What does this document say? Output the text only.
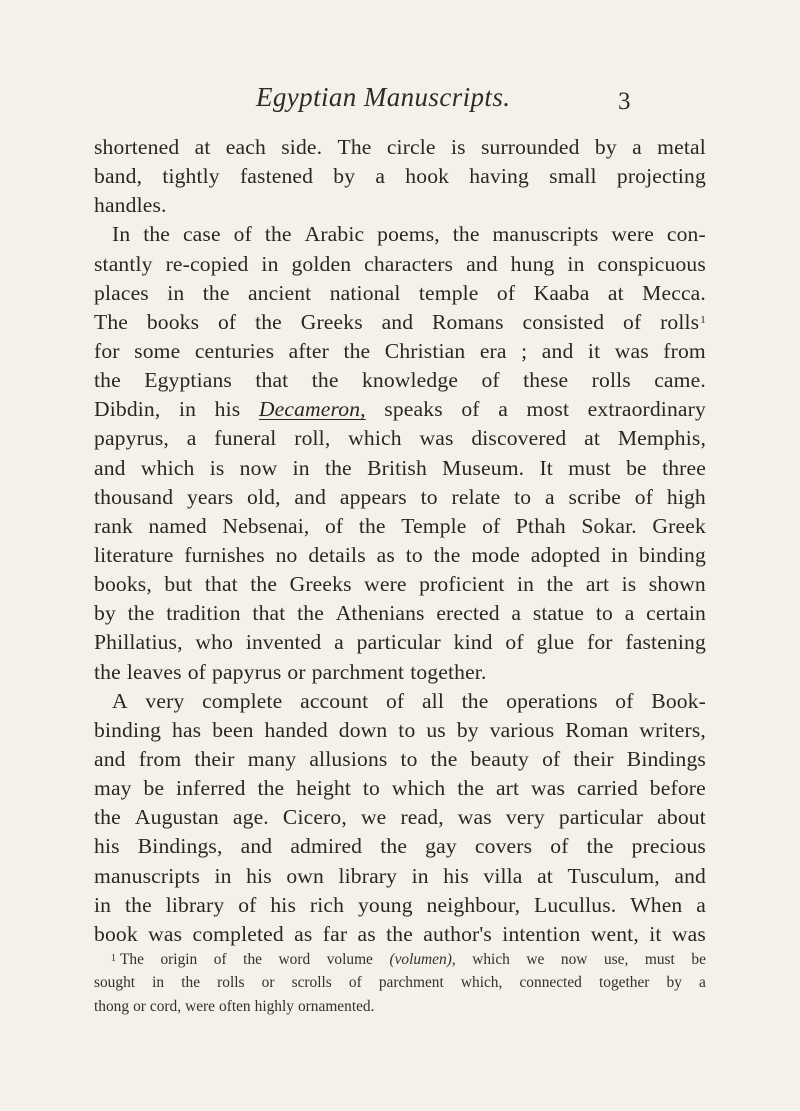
Egyptian Manuscripts.	3
shortened at each side. The circle is surrounded by a metal
band, tightly fastened by a hook having small projecting
handles.
In the case of the Arabic poems, the manuscripts were con-
stantly re-copied in golden characters and hung in conspicuous
places in the ancient national temple of Kaaba at Mecca.
The books of the Greeks and Romans consisted of rolls$^1$
for some centuries after the Christian era ; and it was from
the Egyptians that the knowledge of these rolls came.
Dibdin, in his Decameron, speaks of a most extraordinary
papyrus, a funeral roll, which was discovered at Memphis,
and which is now in the British Museum. It must be three
thousand years old, and appears to relate to a scribe of high
rank named Nebsenai, of the Temple of Pthah Sokar. Greek
literature furnishes no details as to the mode adopted in binding
books, but that the Greeks were proficient in the art is shown
by the tradition that the Athenians erected a statue to a certain
Phillatius, who invented a particular kind of glue for fastening
the leaves of papyrus or parchment together.
A very complete account of all the operations of Book-
binding has been handed down to us by various Roman writers,
and from their many allusions to the beauty of their Bindings
may be inferred the height to which the art was carried before
the Augustan age. Cicero, we read, was very particular about
his Bindings, and admired the gay covers of the precious
manuscripts in his own library in his villa at Tusculum, and
in the library of his rich young neighbour, Lucullus. When a
book was completed as far as the author's intention went, it was
$^1$ The origin of the word volume (volumen), which we now use, must be
sought in the rolls or scrolls of parchment which, connected together by a
thong or cord, were often highly ornamented.
